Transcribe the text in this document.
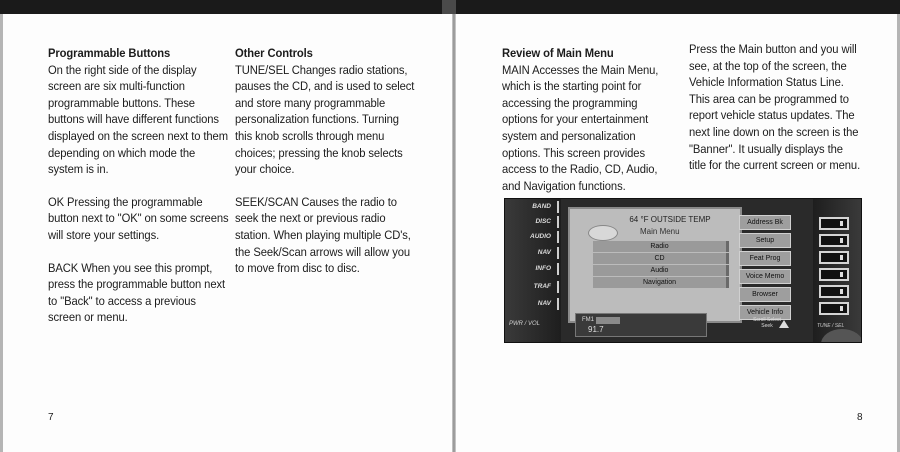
Programmable Buttons

On the right side of the display screen are six multi-function programmable buttons. These buttons will have different functions displayed on the screen next to them depending on which mode the system is in.

OK Pressing the programmable button next to "OK" on some screens will store your settings.

BACK When you see this prompt, press the programmable button next to "Back" to access a previous screen or menu.

Other Controls

TUNE/SEL Changes radio stations, pauses the CD, and is used to select and store many programmable personalization functions. Turning this knob scrolls through menu choices; pressing the knob selects your choice.

SEEK/SCAN Causes the radio to seek the next or previous radio station. When playing multiple CD's, the Seek/Scan arrows will allow you to move from disc to disc.

7
Review of Main Menu

MAIN Accesses the Main Menu, which is the starting point for accessing the programming options for your entertainment system and personalization options. This screen provides access to the Radio, CD, Audio, and Navigation functions.

Press the Main button and you will see, at the top of the screen, the Vehicle Information Status Line. This area can be programmed to report vehicle status updates. The next line down on the screen is the "Banner". It usually displays the title for the current screen or menu.

8
BAND
DISC
AUDIO
NAV
INFO
TRAF
NAV
PWR / VOL
64 °F OUTSIDE TEMP
Main Menu
Radio
CD
Audio
Navigation
FM1
91.7
Address Bk
Setup
Feat Prog
Voice Memo
Browser
Vehicle Info
Scroll Select Seek	TUNE / SEL
